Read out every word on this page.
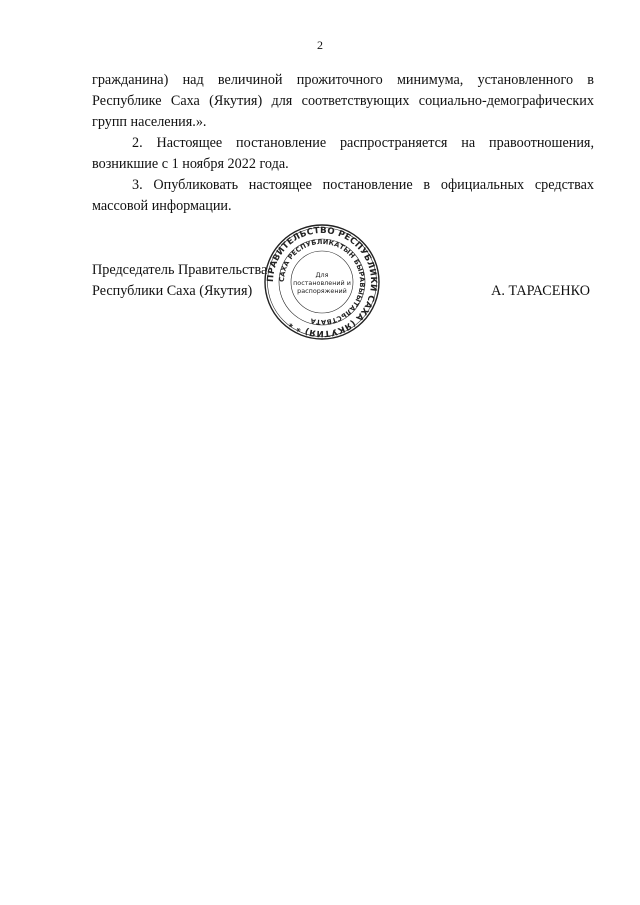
2

гражданина) над величиной прожиточного минимума, установленного в Республике Саха (Якутия) для соответствующих социально-демографических групп населения.».

2. Настоящее постановление распространяется на правоотношения, возникшие с 1 ноября 2022 года.

3. Опубликовать настоящее постановление в официальных средствах массовой информации.

Председатель Правительства
Республики Саха (Якутия)
ПРАВИТЕЛЬСТВО РЕСПУБЛИКИ САХА (ЯКУТИЯ) * *
САХА РЕСПУБЛИКАТЫН БЫРАВЫЫТАЛЬСТВАТА
Для
постановлений и
распоряжений	А. ТАРАСЕНКО
